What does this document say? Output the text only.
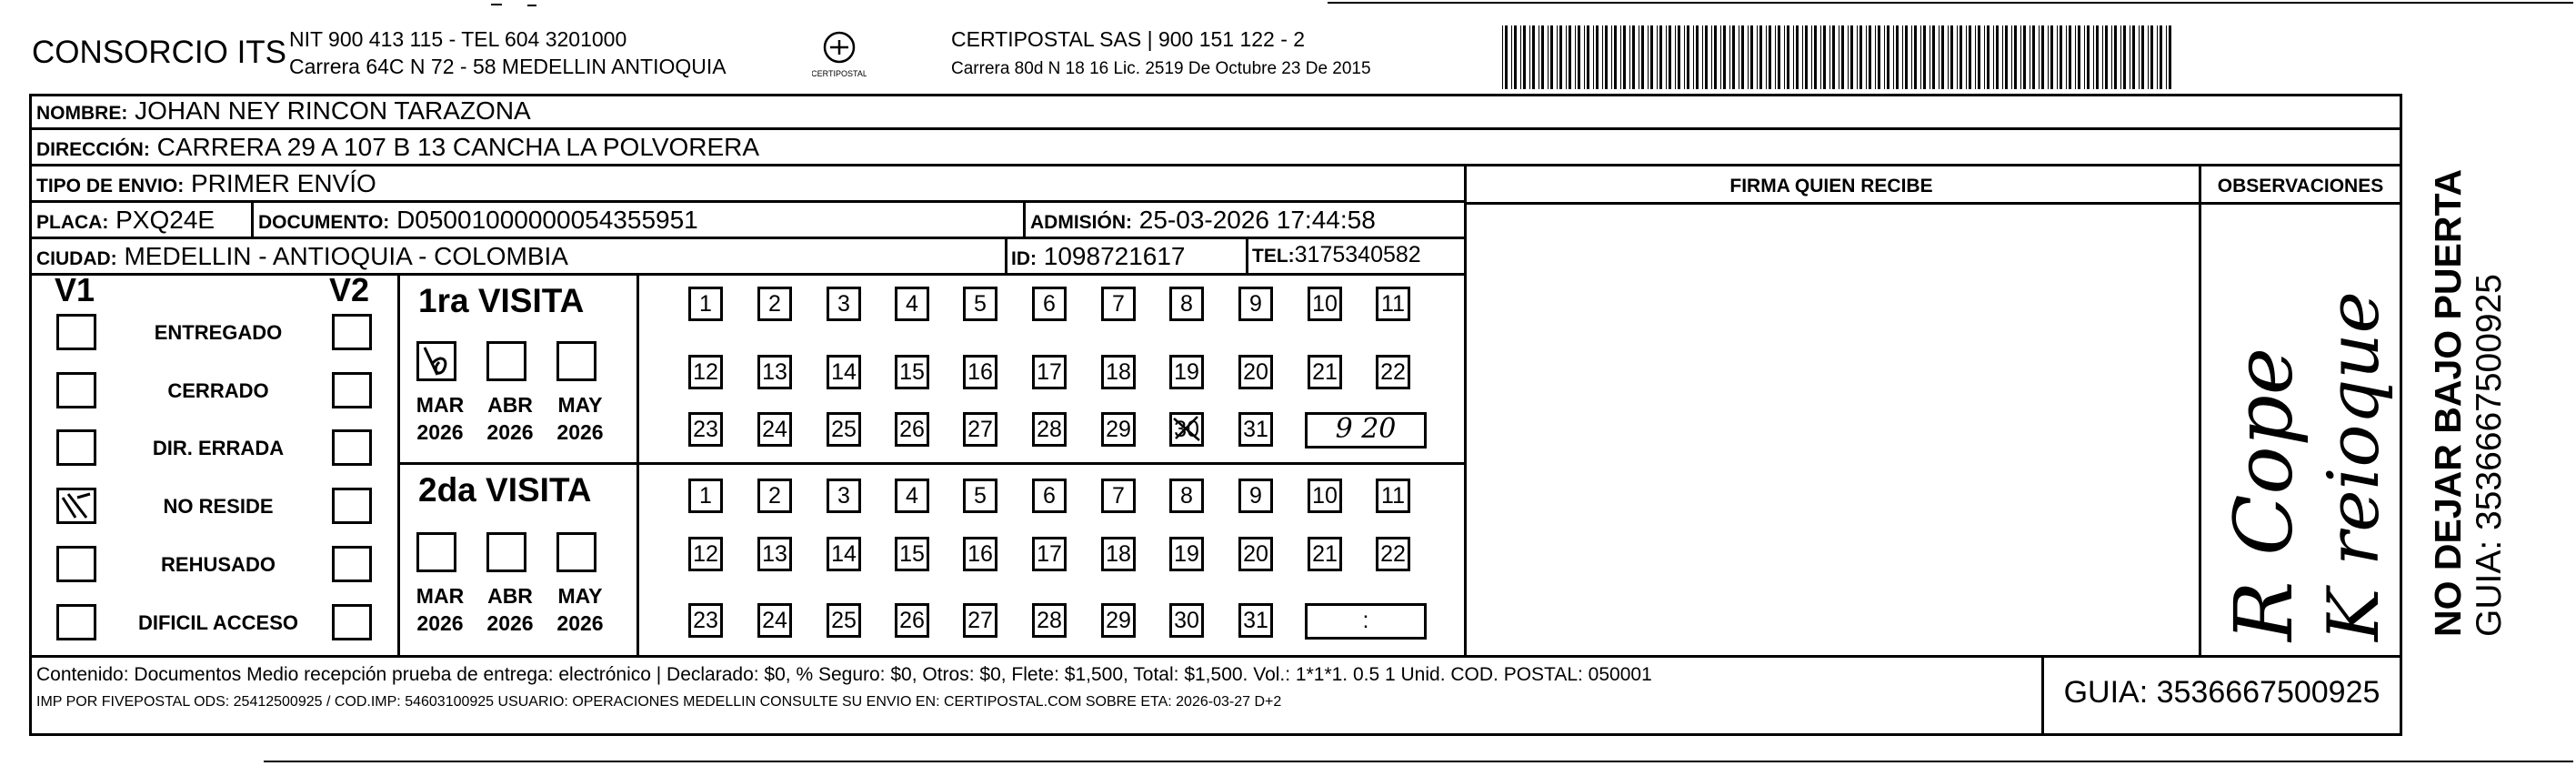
CONSORCIO ITS NIT 900 413 115 - TEL 604 3201000
Carrera 64C N 72 - 58 MEDELLIN ANTIOQUIA	CERTIPOSTAL
CERTIPOSTAL SAS | 900 151 122 - 2
Carrera 80d N 18 16 Lic. 2519 De Octubre 23 De 2015
NOMBRE: JOHAN NEY RINCON TARAZONA
DIRECCIÓN: CARRERA 29 A 107 B 13 CANCHA LA POLVORERA
TIPO DE ENVIO: PRIMER ENVÍO
PLACA: PXQ24E DOCUMENTO: D05001000000054355951	ADMISIÓN: 25-03-2026 17:44:58
CIUDAD: MEDELLIN - ANTIOQUIA - COLOMBIA	ID: 1098721617	TEL:3175340582
FIRMA QUIEN RECIBE	OBSERVACIONES
R Cope K reioque
V1	V2
ENTREGADO
CERRADO
DIR. ERRADA
NO RESIDE
REHUSADO
DIFICIL ACCESO
1ra VISITA
2da VISITA
MAR
2026
ABR
2026
MAY
2026
MAR
2026
ABR
2026
MAY
2026
1	2	3	4	5	6	7	8	9	10 11
12 13 14 15 16 17 18 19 20 21 22
23 24 25 26 27 28 29 30 31	9 20
1	2	3	4	5	6	7	8	9	10 11
12 13 14 15 16 17 18 19 20 21 22
23 24 25 26 27 28 29 30 31	:
Contenido: Documentos Medio recepción prueba de entrega: electrónico | Declarado: $0, % Seguro: $0, Otros: $0, Flete: $1,500, Total: $1,500. Vol.: 1*1*1. 0.5 1 Unid. COD. POSTAL: 050001
IMP POR FIVEPOSTAL ODS: 25412500925 / COD.IMP: 54603100925 USUARIO: OPERACIONES MEDELLIN CONSULTE SU ENVIO EN: CERTIPOSTAL.COM SOBRE ETA: 2026-03-27 D+2	GUIA: 3536667500925
NO DEJAR BAJO PUERTA GUIA: 3536667500925
